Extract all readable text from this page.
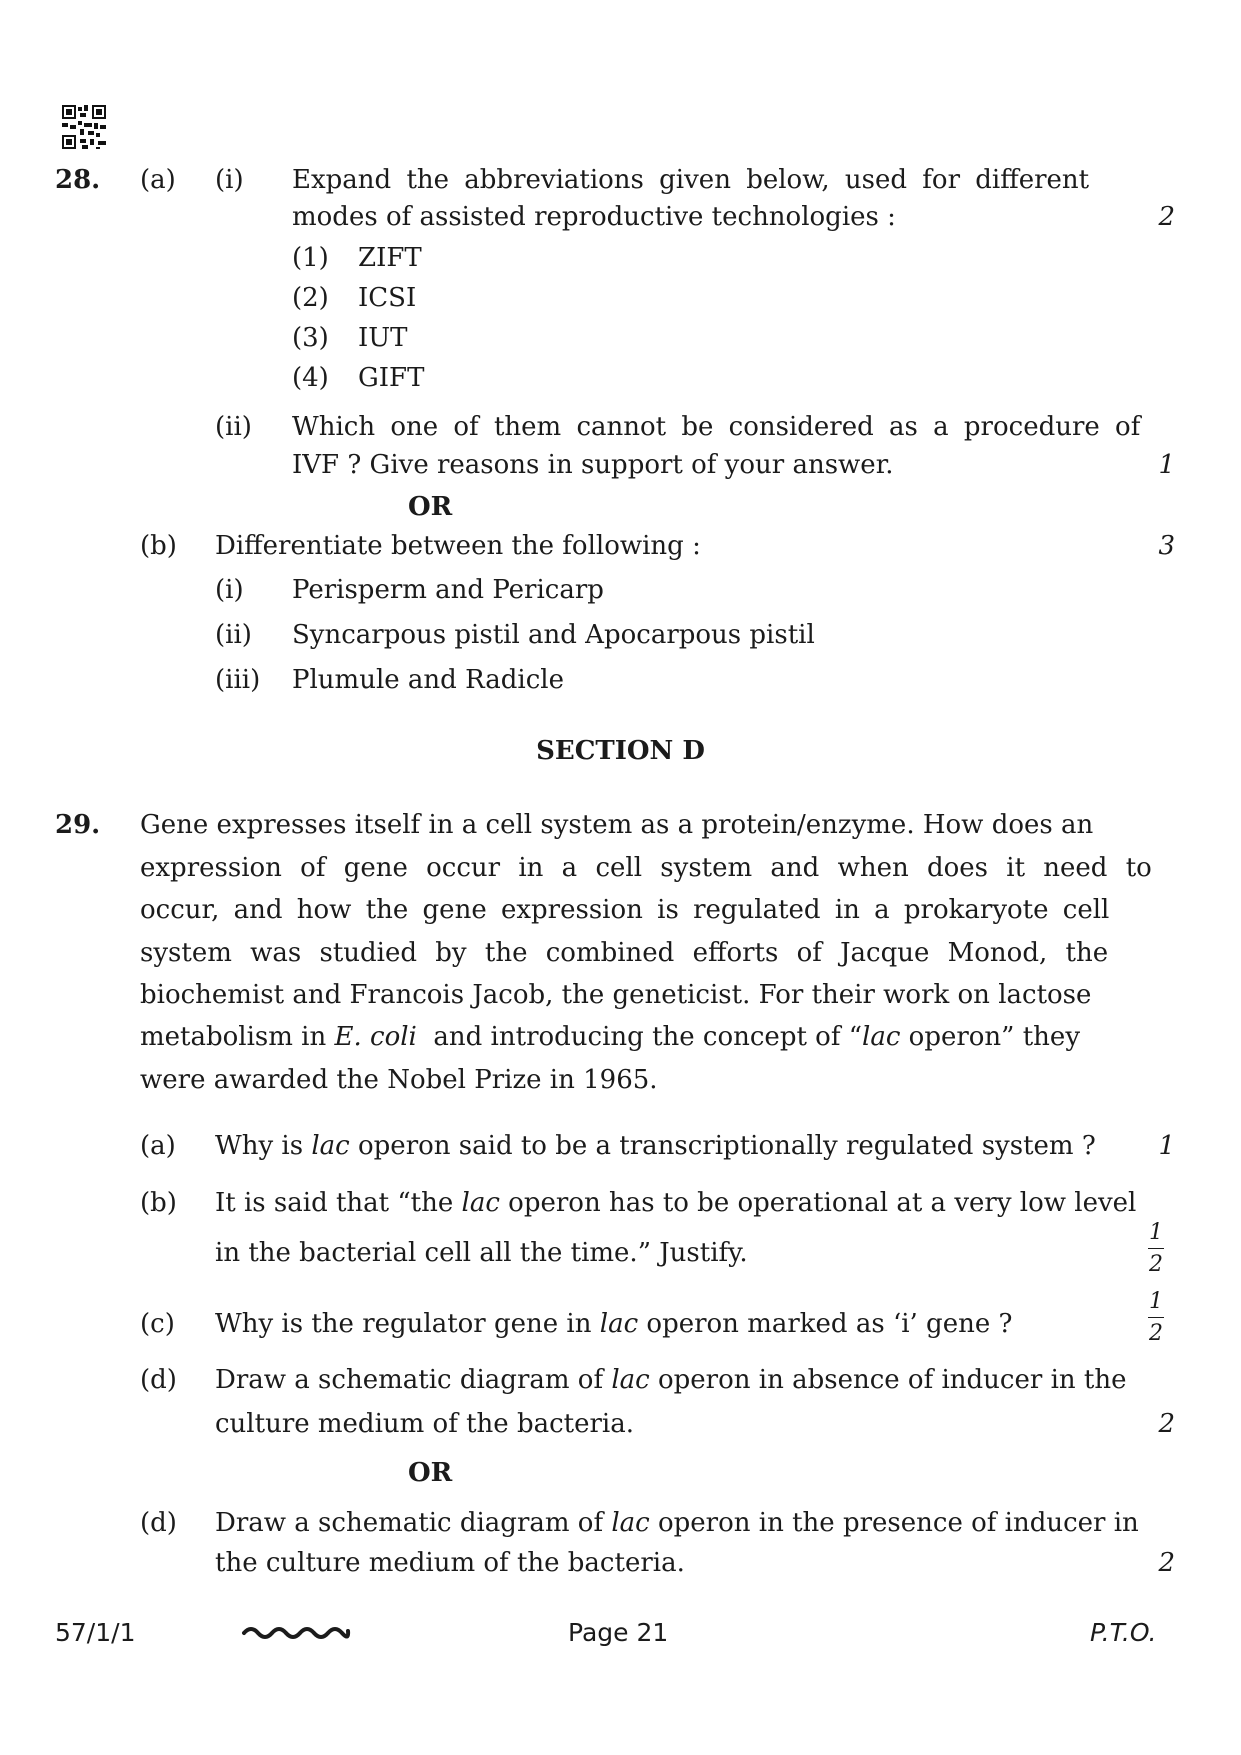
28. (a) (i) Expand the abbreviations given below, used for different
modes of assisted reproductive technologies :	2
(1) ZIFT
(2) ICSI
(3) IUT
(4) GIFT
(ii) Which one of them cannot be considered as a procedure of
IVF ? Give reasons in support of your answer.	1
OR
(b) Differentiate between the following :	3
(i) Perisperm and Pericarp
(ii) Syncarpous pistil and Apocarpous pistil
(iii) Plumule and Radicle
SECTION D
29. Gene expresses itself in a cell system as a protein/enzyme. How does an
expression of gene occur in a cell system and when does it need to
occur, and how the gene expression is regulated in a prokaryote cell
system was studied by the combined efforts of Jacque Monod, the
biochemist and Francois Jacob, the geneticist. For their work on lactose
metabolism in E. coli  and introducing the concept of “lac operon” they
were awarded the Nobel Prize in 1965.
(a) Why is lac operon said to be a transcriptionally regulated system ?	1
(b) It is said that “the lac operon has to be operational at a very low level
in the bacterial cell all the time.” Justify.
1
2
(c) Why is the regulator gene in lac operon marked as ‘i’ gene ?
1
2
(d) Draw a schematic diagram of lac operon in absence of inducer in the
culture medium of the bacteria.	2
OR
(d) Draw a schematic diagram of lac operon in the presence of inducer in
the culture medium of the bacteria.	2
57/1/1	Page 21	P.T.O.
